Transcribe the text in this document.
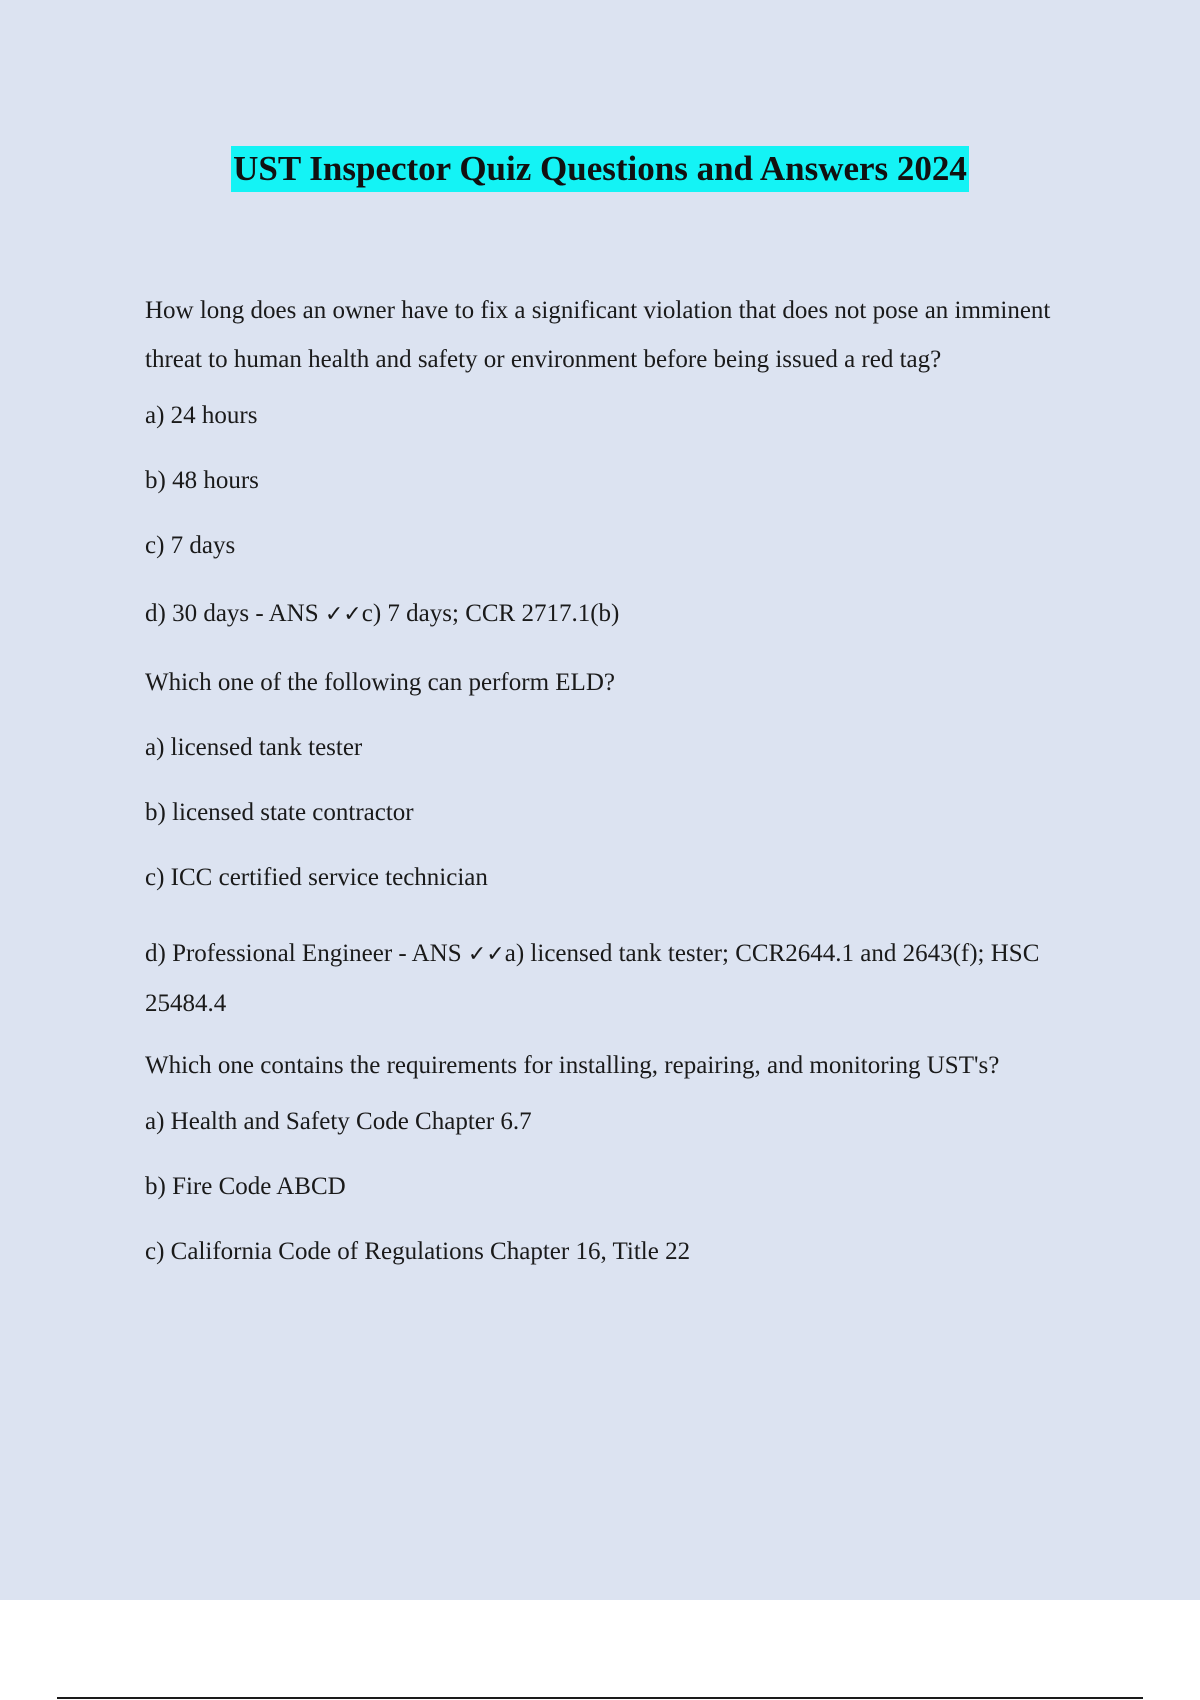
UST Inspector Quiz Questions and Answers 2024

How long does an owner have to fix a significant violation that does not pose an imminent threat to human health and safety or environment before being issued a red tag?

a) 24 hours

b) 48 hours

c) 7 days

d) 30 days - ANS ✓✓c) 7 days; CCR 2717.1(b)

Which one of the following can perform ELD?

a) licensed tank tester

b) licensed state contractor

c) ICC certified service technician

d) Professional Engineer - ANS ✓✓a) licensed tank tester; CCR2644.1 and 2643(f); HSC 25484.4

Which one contains the requirements for installing, repairing, and monitoring UST's?

a) Health and Safety Code Chapter 6.7

b) Fire Code ABCD

c) California Code of Regulations Chapter 16, Title 22
